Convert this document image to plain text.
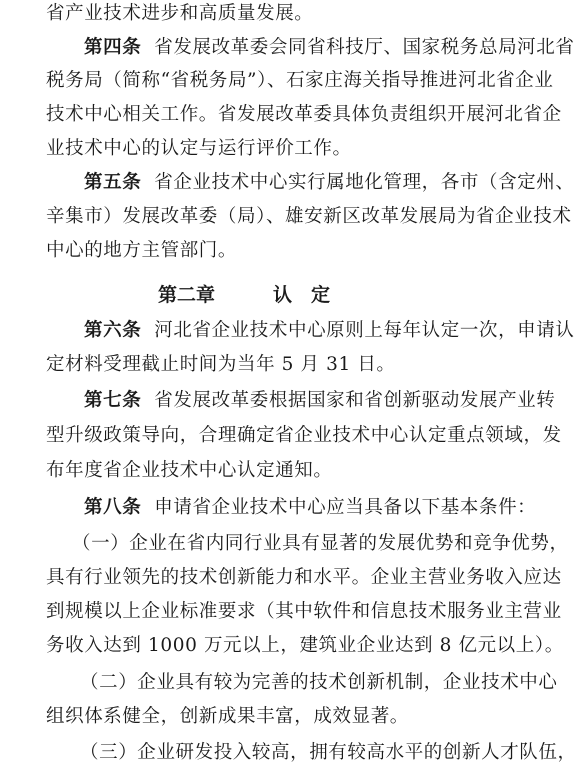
省产业技术进步和高质量发展。
第四条 省发展改革委会同省科技厅、国家税务总局河北省
税务局（简称“省税务局”）、石家庄海关指导推进河北省企业
技术中心相关工作。省发展改革委具体负责组织开展河北省企
业技术中心的认定与运行评价工作。
第五条 省企业技术中心实行属地化管理，各市（含定州、
辛集市）发展改革委（局）、雄安新区改革发展局为省企业技术
中心的地方主管部门。
第二章	认　定
第六条 河北省企业技术中心原则上每年认定一次，申请认
定材料受理截止时间为当年 5 月 31 日。
第七条 省发展改革委根据国家和省创新驱动发展产业转
型升级政策导向，合理确定省企业技术中心认定重点领域，发
布年度省企业技术中心认定通知。
第八条 申请省企业技术中心应当具备以下基本条件：
（一）企业在省内同行业具有显著的发展优势和竞争优势，
具有行业领先的技术创新能力和水平。企业主营业务收入应达
到规模以上企业标准要求（其中软件和信息技术服务业主营业
务收入达到 1000 万元以上，建筑业企业达到 8 亿元以上）。
（二）企业具有较为完善的技术创新机制，企业技术中心
组织体系健全，创新成果丰富，成效显著。
（三）企业研发投入较高，拥有较高水平的创新人才队伍，
